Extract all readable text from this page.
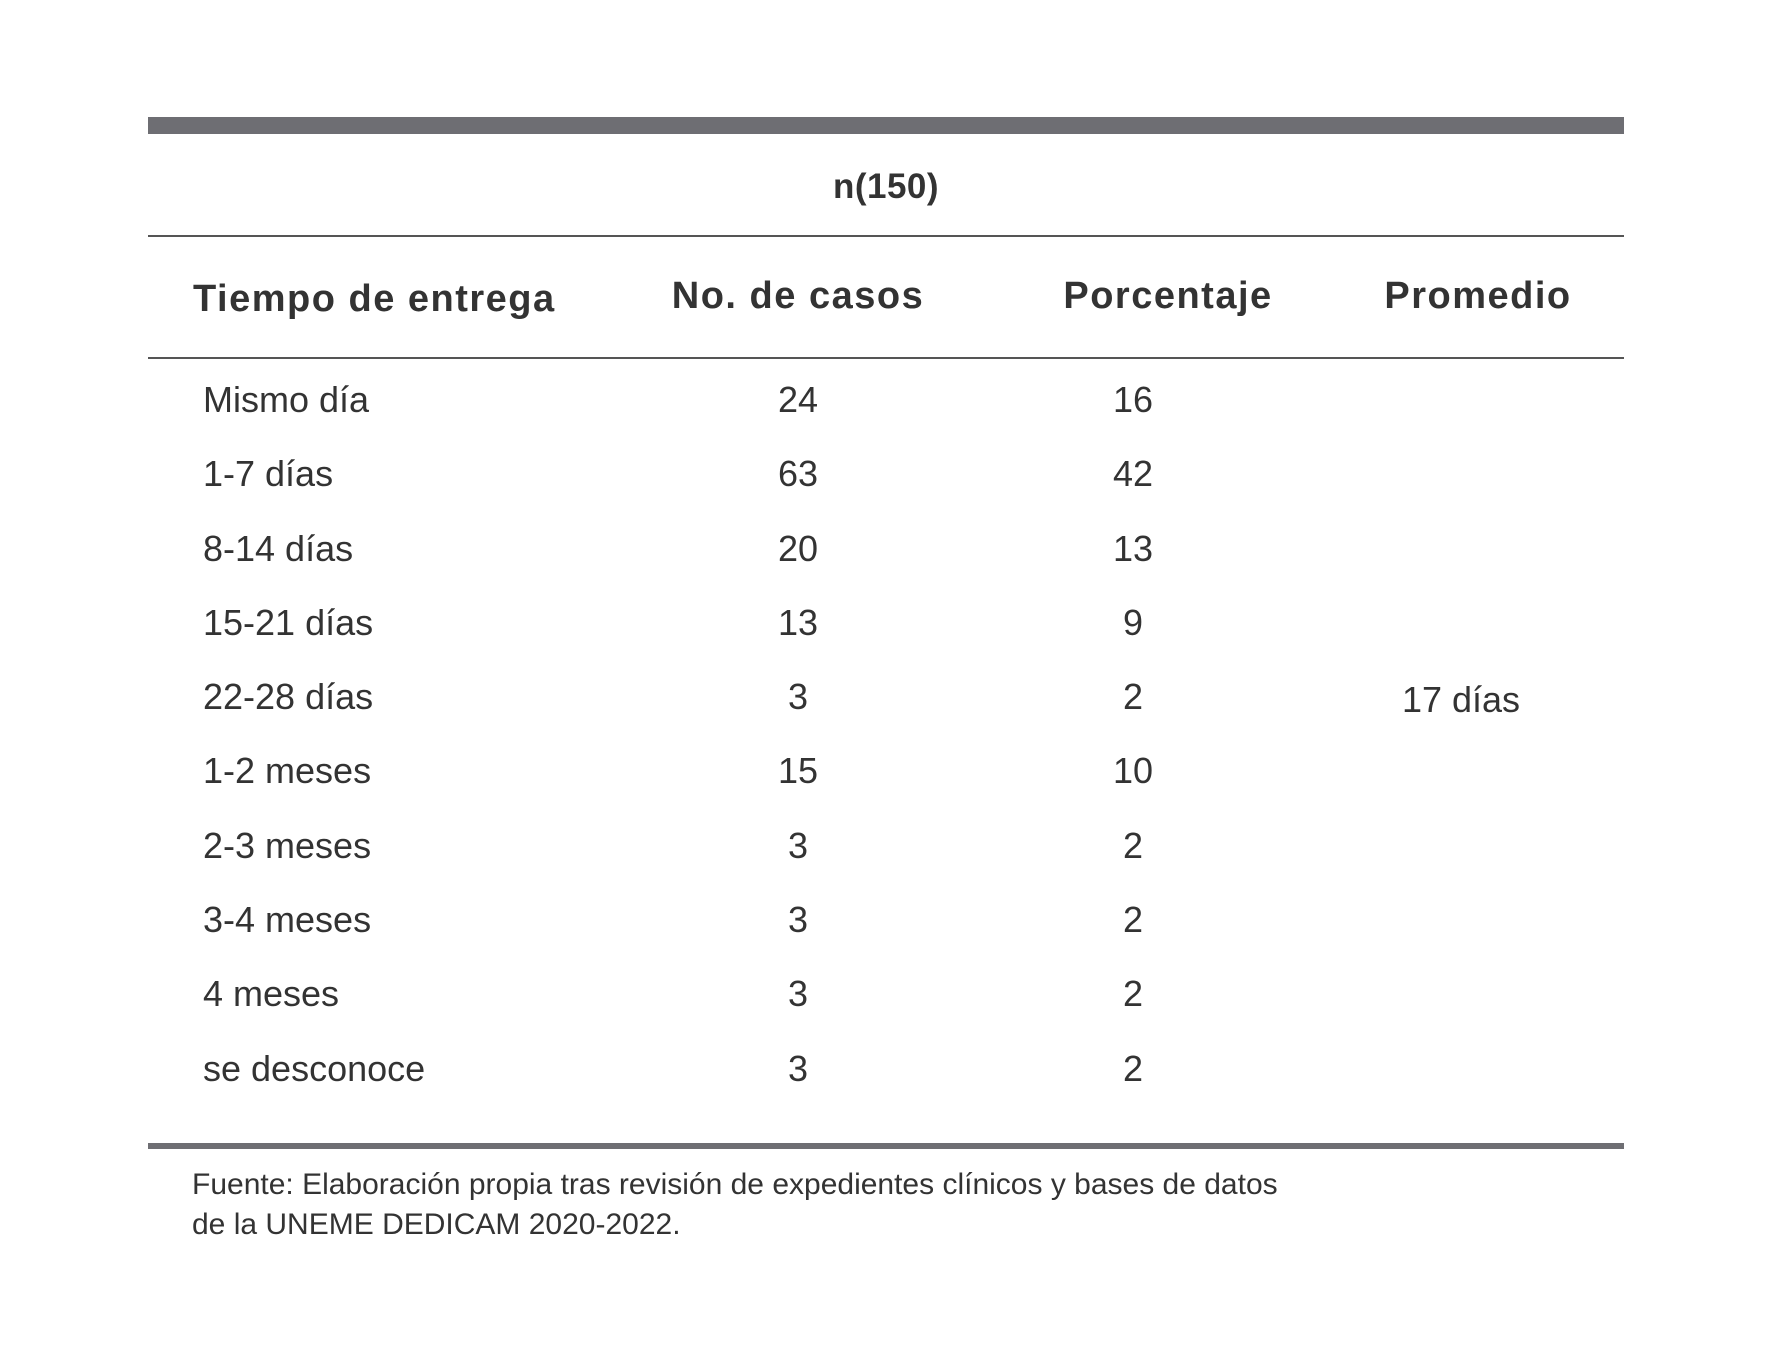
n(150)
Tiempo de entrega	No. de casos	Porcentaje	Promedio
Mismo día	24	16
1-7 días	63	42
8-14 días	20	13
15-21 días	13	9
22-28 días	3	2
1-2 meses	15	10
2-3 meses	3	2
3-4 meses	3	2
4 meses	3	2
se desconoce	3	2
17 días
Fuente: Elaboración propia tras revisión de expedientes clínicos y bases de datos
de la UNEME DEDICAM 2020-2022.
